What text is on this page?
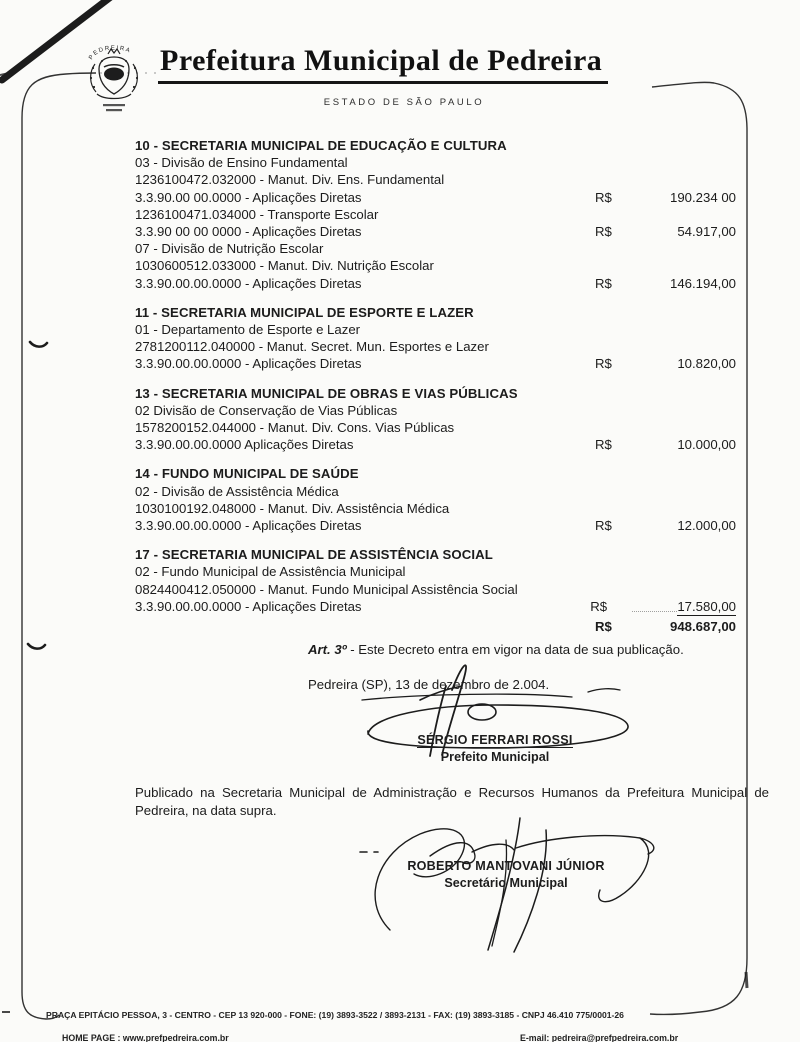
PEDREIRA Prefeitura Municipal de Pedreira
ESTADO DE SÃO PAULO
10 - SECRETARIA MUNICIPAL DE EDUCAÇÃO E CULTURA
03 - Divisão de Ensino Fundamental
1236100472.032000 - Manut. Div. Ens. Fundamental
3.3.90.00 00.0000 - Aplicações Diretas	R$	190.234 00
1236100471.034000 - Transporte Escolar
3.3.90 00 00 0000 - Aplicações Diretas	R$	54.917,00
07 - Divisão de Nutrição Escolar
1030600512.033000 - Manut. Div. Nutrição Escolar
3.3.90.00.00.0000 - Aplicações Diretas	R$	146.194,00
11 - SECRETARIA MUNICIPAL DE ESPORTE E LAZER
01 - Departamento de Esporte e Lazer
2781200112.040000 - Manut. Secret. Mun. Esportes e Lazer
3.3.90.00.00.0000 - Aplicações Diretas	R$	10.820,00
13 - SECRETARIA MUNICIPAL DE OBRAS E VIAS PÚBLICAS
02 Divisão de Conservação de Vias Públicas
1578200152.044000 - Manut. Div. Cons. Vias Públicas
3.3.90.00.00.0000 Aplicações Diretas	R$	10.000,00
14 - FUNDO MUNICIPAL DE SAÚDE
02 - Divisão de Assistência Médica
1030100192.048000 - Manut. Div. Assistência Médica
3.3.90.00.00.0000 - Aplicações Diretas	R$	12.000,00
17 - SECRETARIA MUNICIPAL DE ASSISTÊNCIA SOCIAL
02 - Fundo Municipal de Assistência Municipal
0824400412.050000 - Manut. Fundo Municipal Assistência Social
3.3.90.00.00.0000 - Aplicações Diretas	R$	17.580,00
R$	948.687,00
Art. 3º - Este Decreto entra em vigor na data de sua publicação.
Pedreira (SP), 13 de dezembro de 2.004.
SÉRGIO FERRARI ROSSI
Prefeito Municipal
Publicado na Secretaria Municipal de Administração e Recursos Humanos da Prefeitura Municipal de Pedreira, na data supra.
ROBERTO MANTOVANI JÚNIOR
Secretário Municipal
PRAÇA EPITÁCIO PESSOA, 3 - CENTRO - CEP 13 920-000 - FONE: (19) 3893-3522 / 3893-2131 - FAX: (19) 3893-3185 - CNPJ 46.410 775/0001-26
HOME PAGE : www.prefpedreira.com.br	E-mail: pedreira@prefpedreira.com.br
